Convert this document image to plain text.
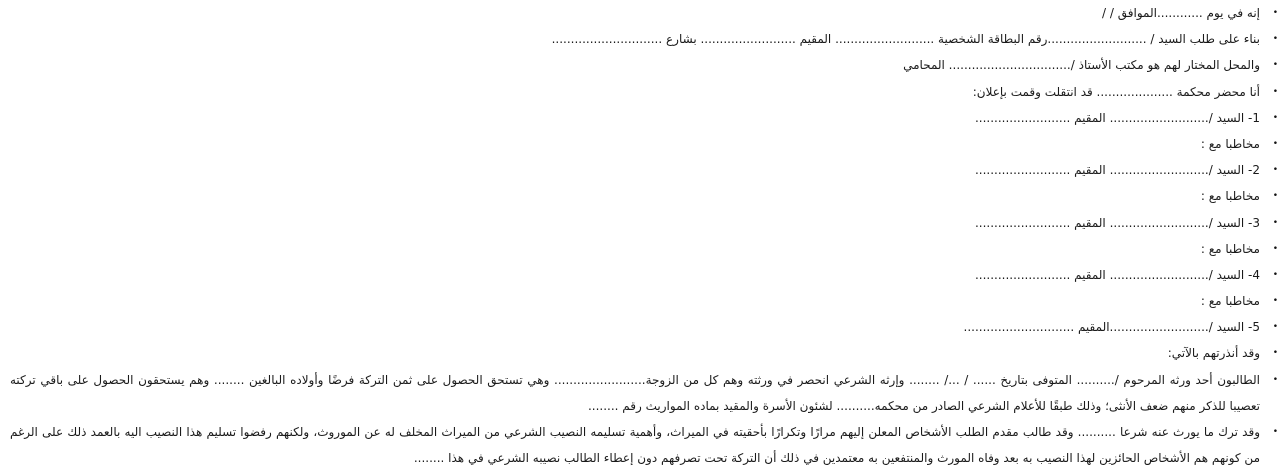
•
إنه في يوم ............الموافق / /
•
بناء على طلب السيد / ..........................رقم البطاقة الشخصية .......................... المقيم ......................... بشارع .............................
•
والمحل المختار لهم هو مكتب الأستاذ /................................ المحامي
•
أنا محضر محكمة .................... قد انتقلت وقمت بإعلان:
•
1- السيد /.......................... المقيم .........................
•
مخاطبا مع :
•
2- السيد /.......................... المقيم .........................
•
مخاطبا مع :
•
3- السيد /.......................... المقيم .........................
•
مخاطبا مع :
•
4- السيد /.......................... المقيم .........................
•
مخاطبا مع :
•
5- السيد /..........................المقيم .............................
•
وقد أنذرتهم بالآتي:
•
الطالبون أحد ورثه المرحوم /.......... المتوفى بتاريخ ...... / .../ ........ وإرثه الشرعي انحصر في ورثته وهم كل من الزوجة........................ وهي تستحق الحصول على ثمن التركة فرضًا وأولاده البالغين ........ وهم يستحقون الحصول على باقي تركته تعصيبا للذكر منهم ضعف الأنثى؛ وذلك طبقًا للأعلام الشرعي الصادر من محكمه.......... لشئون الأسرة والمقيد بماده المواريث رقم ........
•
وقد ترك ما يورث عنه شرعا .......... وقد طالب مقدم الطلب الأشخاص المعلن إليهم مرارًا وتكرارًا بأحقيته في الميراث، وأهمية تسليمه النصيب الشرعي من الميراث المخلف له عن الموروث، ولكنهم رفضوا تسليم هذا النصيب اليه بالعمد ذلك على الرغم من كونهم هم الأشخاص الحائزين لهذا النصيب به بعد وفاه المورث والمنتفعين به معتمدين في ذلك أن التركة تحت تصرفهم دون إعطاء الطالب نصيبه الشرعي في هذا ........
